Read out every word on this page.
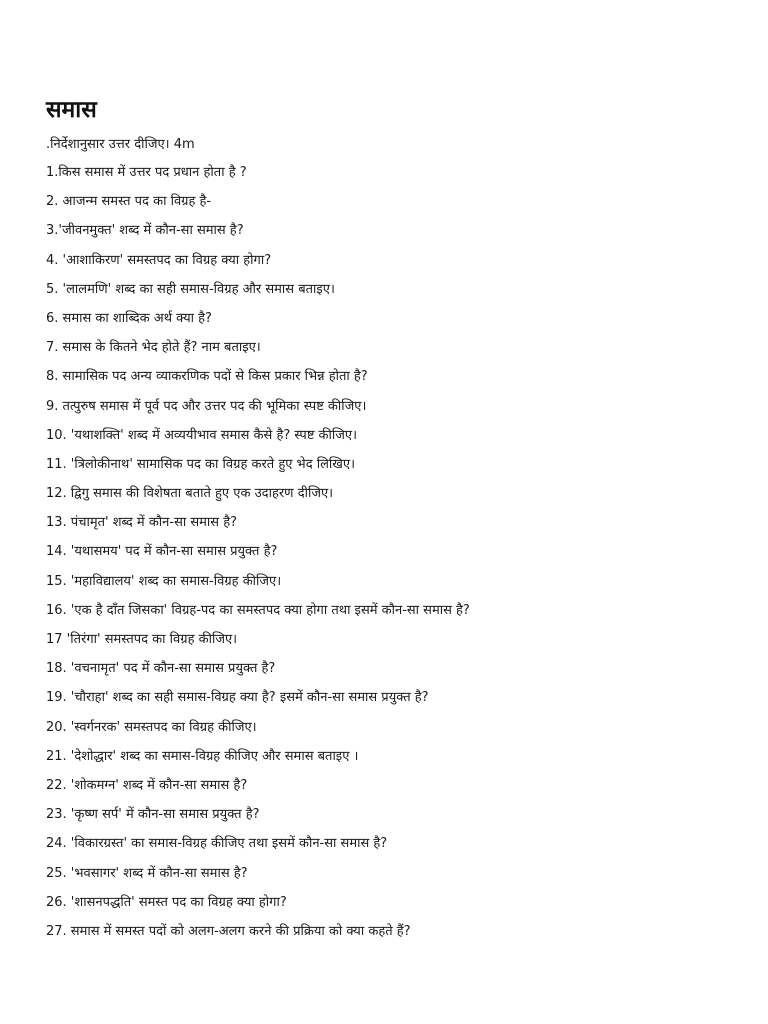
समास
.निर्देशानुसार उत्तर दीजिए। 4m
1.किस समास में उत्तर पद प्रधान होता है ?
2. आजन्म समस्त पद का विग्रह है-
3.'जीवनमुक्त' शब्द में कौन-सा समास है?
4. 'आशाकिरण' समस्तपद का विग्रह क्या होगा?
5. 'लालमणि' शब्द का सही समास-विग्रह और समास बताइए।
6. समास का शाब्दिक अर्थ क्या है?
7. समास के कितने भेद होते हैं? नाम बताइए।
8. सामासिक पद अन्य व्याकरणिक पदों से किस प्रकार भिन्न होता है?
9. तत्पुरुष समास में पूर्व पद और उत्तर पद की भूमिका स्पष्ट कीजिए।
10. 'यथाशक्ति' शब्द में अव्ययीभाव समास कैसे है? स्पष्ट कीजिए।
11. 'त्रिलोकीनाथ' सामासिक पद का विग्रह करते हुए भेद लिखिए।
12. द्विगु समास की विशेषता बताते हुए एक उदाहरण दीजिए।
13. पंचामृत' शब्द में कौन-सा समास है?
14. 'यथासमय' पद में कौन-सा समास प्रयुक्त है?
15. 'महाविद्यालय' शब्द का समास-विग्रह कीजिए।
16. 'एक है दाँत जिसका' विग्रह-पद का समस्तपद क्या होगा तथा इसमें कौन-सा समास है?
17 'तिरंगा' समस्तपद का विग्रह कीजिए।
18. 'वचनामृत' पद में कौन-सा समास प्रयुक्त है?
19. 'चौराहा' शब्द का सही समास-विग्रह क्या है? इसमें कौन-सा समास प्रयुक्त है?
20. 'स्वर्गनरक' समस्तपद का विग्रह कीजिए।
21. 'देशोद्धार' शब्द का समास-विग्रह कीजिए और समास बताइए ।
22. 'शोकमग्न' शब्द में कौन-सा समास है?
23. 'कृष्ण सर्प' में कौन-सा समास प्रयुक्त है?
24. 'विकारग्रस्त' का समास-विग्रह कीजिए तथा इसमें कौन-सा समास है?
25. 'भवसागर' शब्द में कौन-सा समास है?
26. 'शासनपद्धति' समस्त पद का विग्रह क्या होगा?
27. समास में समस्त पदों को अलग-अलग करने की प्रक्रिया को क्या कहते हैं?
